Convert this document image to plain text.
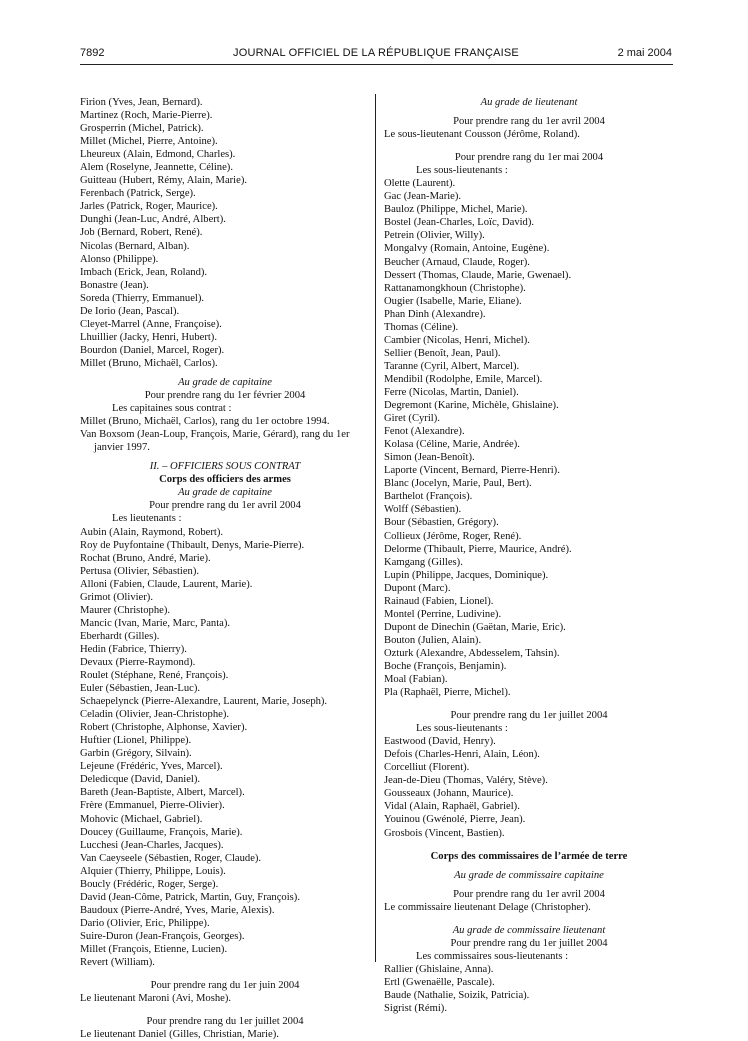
7892	JOURNAL OFFICIEL DE LA RÉPUBLIQUE FRANÇAISE	2 mai 2004
Firion (Yves, Jean, Bernard).
Martinez (Roch, Marie-Pierre).
Grosperrin (Michel, Patrick).
Millet (Michel, Pierre, Antoine).
Lheureux (Alain, Edmond, Charles).
Alem (Roselyne, Jeannette, Céline).
Guitteau (Hubert, Rémy, Alain, Marie).
Ferenbach (Patrick, Serge).
Jarles (Patrick, Roger, Maurice).
Dunghi (Jean-Luc, André, Albert).
Job (Bernard, Robert, René).
Nicolas (Bernard, Alban).
Alonso (Philippe).
Imbach (Erick, Jean, Roland).
Bonastre (Jean).
Soreda (Thierry, Emmanuel).
De Iorio (Jean, Pascal).
Cleyet-Marrel (Anne, Françoise).
Lhuillier (Jacky, Henri, Hubert).
Bourdon (Daniel, Marcel, Roger).
Millet (Bruno, Michaël, Carlos).
Au grade de capitaine
Pour prendre rang du 1er février 2004
Les capitaines sous contrat :
Millet (Bruno, Michaël, Carlos), rang du 1er octobre 1994.
Van Boxsom (Jean-Loup, François, Marie, Gérard), rang du 1er janvier 1997.
II. – OFFICIERS SOUS CONTRAT
Corps des officiers des armes
Au grade de capitaine
Pour prendre rang du 1er avril 2004
Les lieutenants :
Aubin (Alain, Raymond, Robert).
Roy de Puyfontaine (Thibault, Denys, Marie-Pierre).
Rochat (Bruno, André, Marie).
Pertusa (Olivier, Sébastien).
Alloni (Fabien, Claude, Laurent, Marie).
Grimot (Olivier).
Maurer (Christophe).
Mancic (Ivan, Marie, Marc, Panta).
Eberhardt (Gilles).
Hedin (Fabrice, Thierry).
Devaux (Pierre-Raymond).
Roulet (Stéphane, René, François).
Euler (Sébastien, Jean-Luc).
Schaepelynck (Pierre-Alexandre, Laurent, Marie, Joseph).
Celadin (Olivier, Jean-Christophe).
Robert (Christophe, Alphonse, Xavier).
Huftier (Lionel, Philippe).
Garbin (Grégory, Silvain).
Lejeune (Frédéric, Yves, Marcel).
Deledicque (David, Daniel).
Bareth (Jean-Baptiste, Albert, Marcel).
Frère (Emmanuel, Pierre-Olivier).
Mohovic (Michael, Gabriel).
Doucey (Guillaume, François, Marie).
Lucchesi (Jean-Charles, Jacques).
Van Caeyseele (Sébastien, Roger, Claude).
Alquier (Thierry, Philippe, Louis).
Boucly (Frédéric, Roger, Serge).
David (Jean-Côme, Patrick, Martin, Guy, François).
Baudoux (Pierre-André, Yves, Marie, Alexis).
Dario (Olivier, Eric, Philippe).
Suire-Duron (Jean-François, Georges).
Millet (François, Etienne, Lucien).
Revert (William).
Pour prendre rang du 1er juin 2004
Le lieutenant Maroni (Avi, Moshe).
Pour prendre rang du 1er juillet 2004
Le lieutenant Daniel (Gilles, Christian, Marie).
Au grade de lieutenant
Pour prendre rang du 1er avril 2004
Le sous-lieutenant Cousson (Jérôme, Roland).
Pour prendre rang du 1er mai 2004
Les sous-lieutenants :
Olette (Laurent).
Gac (Jean-Marie).
Bauloz (Philippe, Michel, Marie).
Bostel (Jean-Charles, Loïc, David).
Petrein (Olivier, Willy).
Mongalvy (Romain, Antoine, Eugène).
Beucher (Arnaud, Claude, Roger).
Dessert (Thomas, Claude, Marie, Gwenael).
Rattanamongkhoun (Christophe).
Ougier (Isabelle, Marie, Eliane).
Phan Dinh (Alexandre).
Thomas (Céline).
Cambier (Nicolas, Henri, Michel).
Sellier (Benoît, Jean, Paul).
Taranne (Cyril, Albert, Marcel).
Mendibil (Rodolphe, Emile, Marcel).
Ferre (Nicolas, Martin, Daniel).
Degremont (Karine, Michèle, Ghislaine).
Giret (Cyril).
Fenot (Alexandre).
Kolasa (Céline, Marie, Andrée).
Simon (Jean-Benoît).
Laporte (Vincent, Bernard, Pierre-Henri).
Blanc (Jocelyn, Marie, Paul, Bert).
Barthelot (François).
Wolff (Sébastien).
Bour (Sébastien, Grégory).
Collieux (Jérôme, Roger, René).
Delorme (Thibault, Pierre, Maurice, André).
Kamgang (Gilles).
Lupin (Philippe, Jacques, Dominique).
Dupont (Marc).
Rainaud (Fabien, Lionel).
Montel (Perrine, Ludivine).
Dupont de Dinechin (Gaëtan, Marie, Eric).
Bouton (Julien, Alain).
Ozturk (Alexandre, Abdesselem, Tahsin).
Boche (François, Benjamin).
Moal (Fabian).
Pla (Raphaël, Pierre, Michel).
Pour prendre rang du 1er juillet 2004
Les sous-lieutenants :
Eastwood (David, Henry).
Defois (Charles-Henri, Alain, Léon).
Corcelliut (Florent).
Jean-de-Dieu (Thomas, Valéry, Stève).
Gousseaux (Johann, Maurice).
Vidal (Alain, Raphaël, Gabriel).
Youinou (Gwénolé, Pierre, Jean).
Grosbois (Vincent, Bastien).
Corps des commissaires de l’armée de terre
Au grade de commissaire capitaine
Pour prendre rang du 1er avril 2004
Le commissaire lieutenant Delage (Christopher).
Au grade de commissaire lieutenant
Pour prendre rang du 1er juillet 2004
Les commissaires sous-lieutenants :
Rallier (Ghislaine, Anna).
Ertl (Gwenaëlle, Pascale).
Baude (Nathalie, Soizik, Patricia).
Sigrist (Rémi).
